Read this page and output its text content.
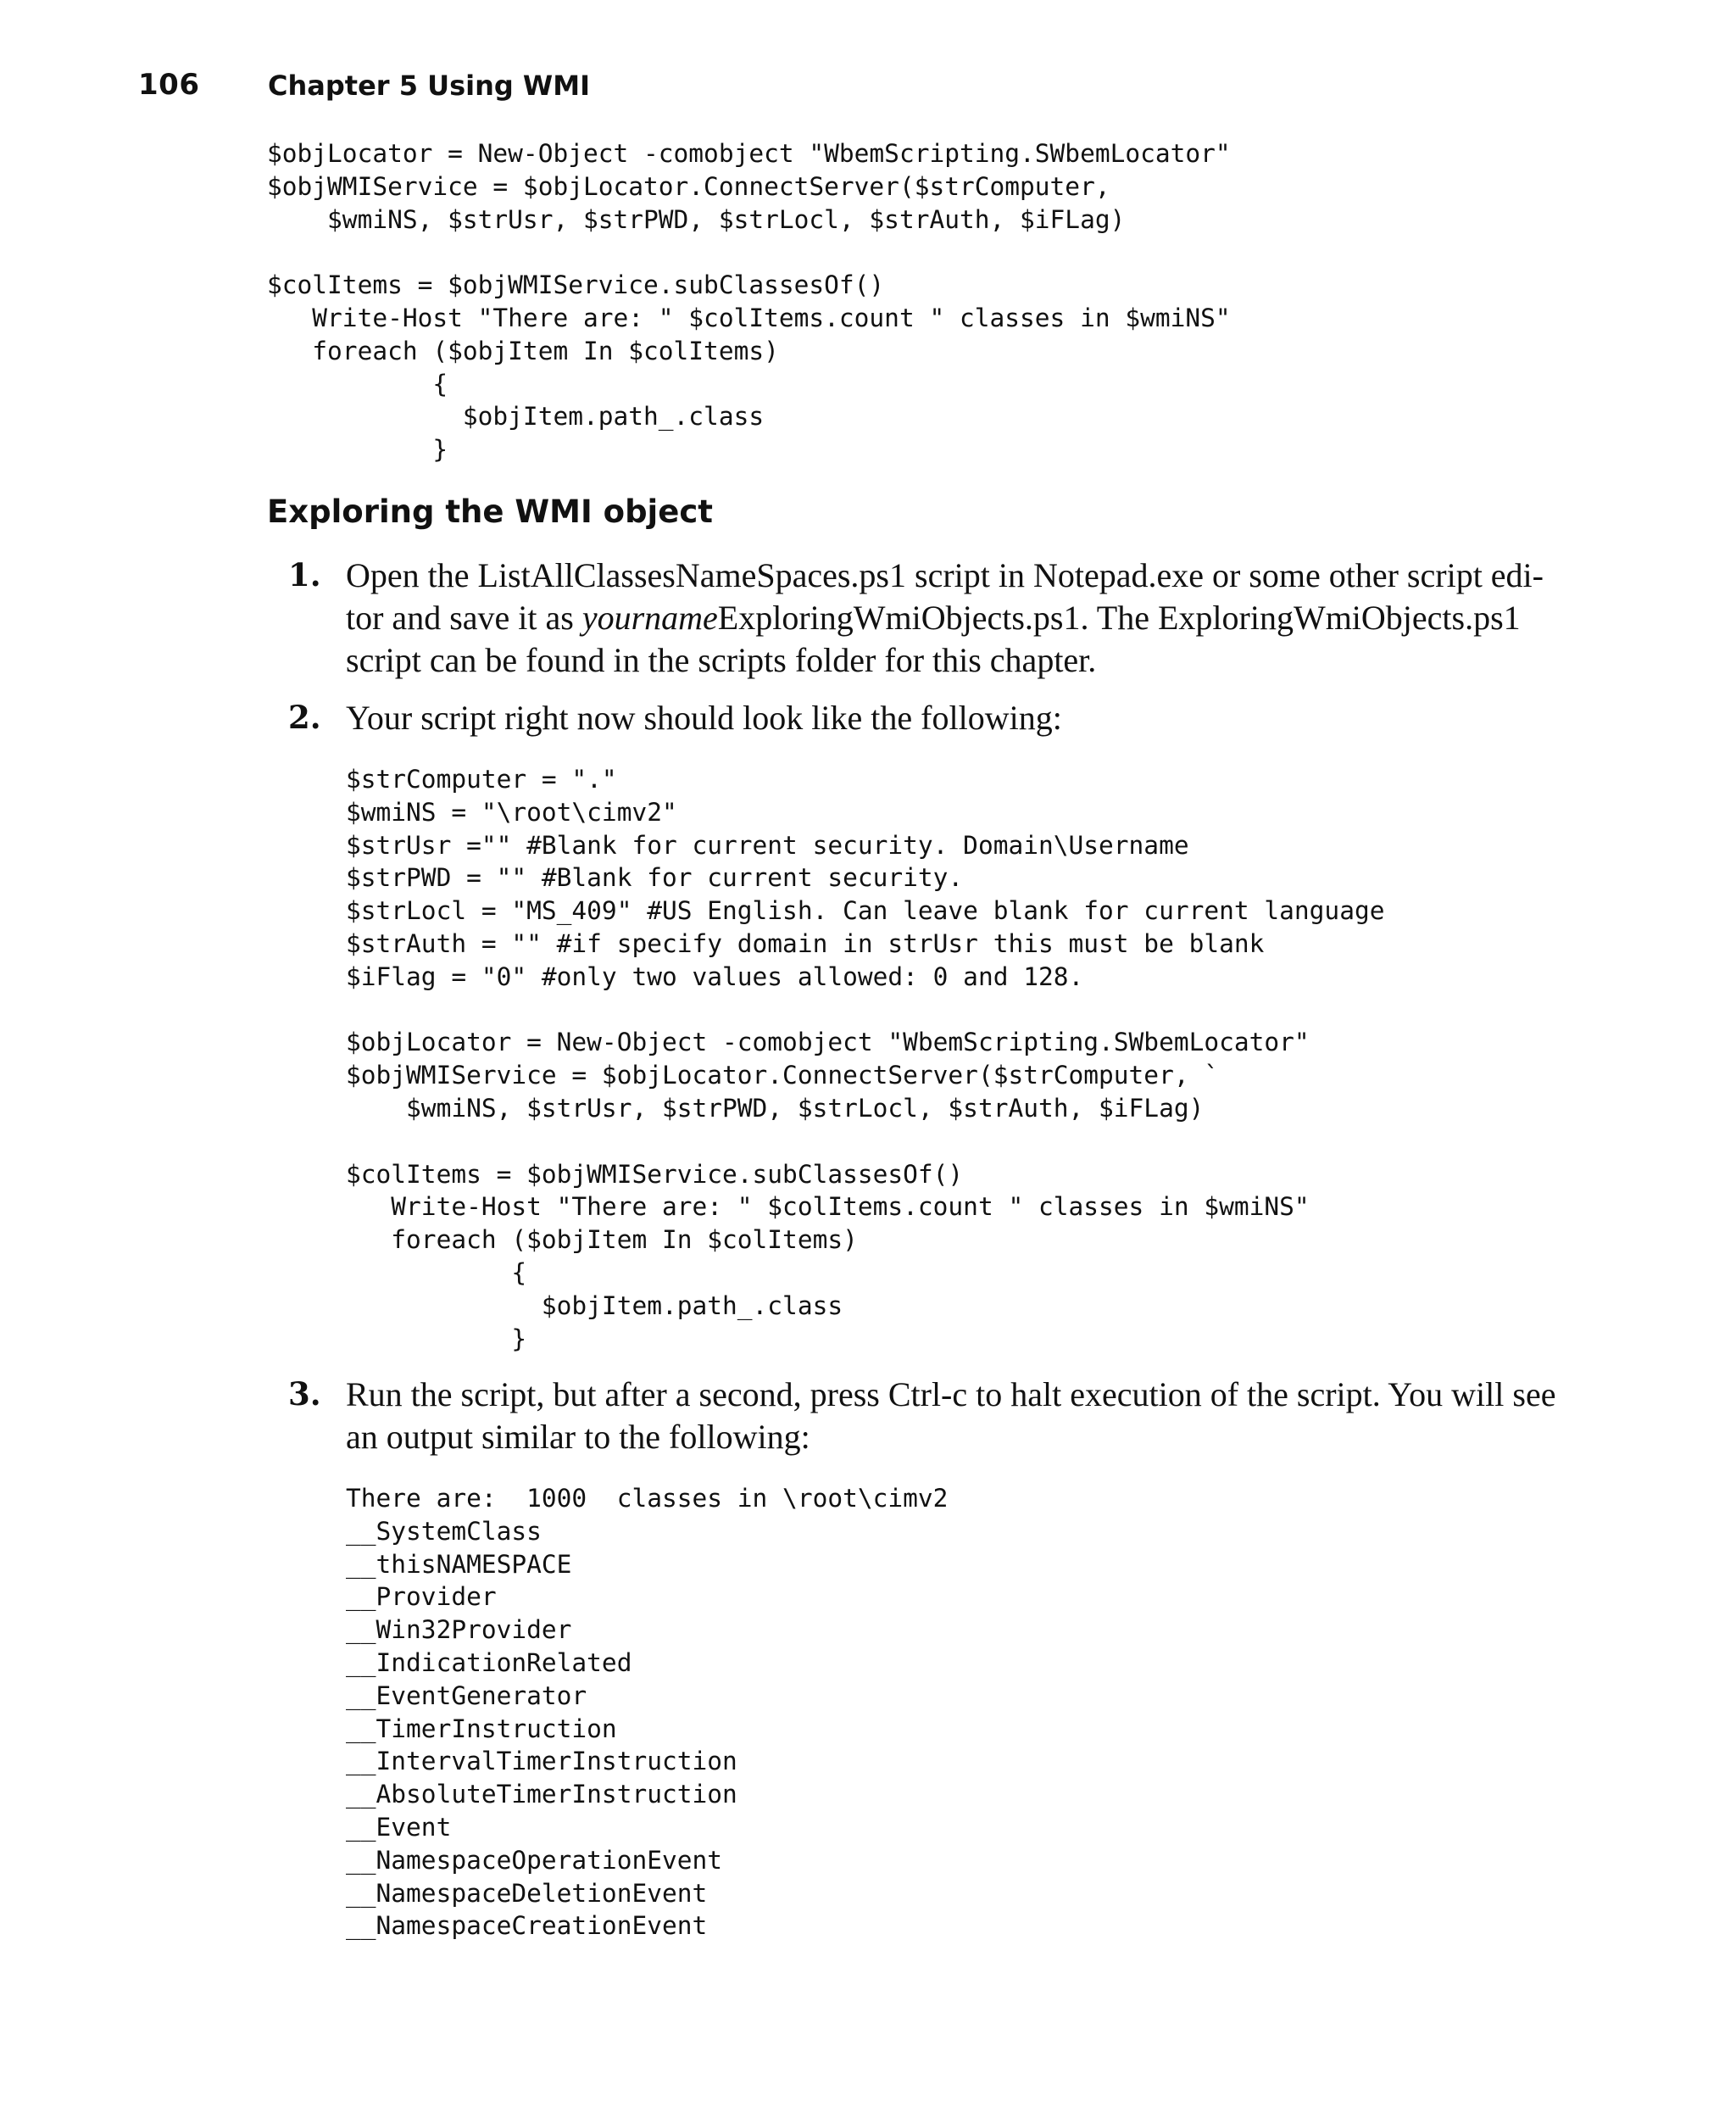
106	Chapter 5 Using WMI
$objLocator = New-Object -comobject "WbemScripting.SWbemLocator"
$objWMIService = $objLocator.ConnectServer($strComputer,
$wmiNS, $strUsr, $strPWD, $strLocl, $strAuth, $iFLag)

$colItems = $objWMIService.subClassesOf()
Write-Host "There are: " $colItems.count " classes in $wmiNS"
foreach ($objItem In $colItems)
{
$objItem.path_.class
}
Exploring the WMI object
1. Open the ListAllClassesNameSpaces.ps1 script in Notepad.exe or some other script edi-
tor and save it as yournameExploringWmiObjects.ps1. The ExploringWmiObjects.ps1
script can be found in the scripts folder for this chapter.

2. Your script right now should look like the following:

$strComputer = "."
$wmiNS = "\root\cimv2"
$strUsr ="" #Blank for current security. Domain\Username
$strPWD = "" #Blank for current security.
$strLocl = "MS_409" #US English. Can leave blank for current language
$strAuth = "" #if specify domain in strUsr this must be blank
$iFlag = "0" #only two values allowed: 0 and 128.

$objLocator = New-Object -comobject "WbemScripting.SWbemLocator"
$objWMIService = $objLocator.ConnectServer($strComputer, `
$wmiNS, $strUsr, $strPWD, $strLocl, $strAuth, $iFLag)

$colItems = $objWMIService.subClassesOf()
Write-Host "There are: " $colItems.count " classes in $wmiNS"
foreach ($objItem In $colItems)
{
$objItem.path_.class
}
3. Run the script, but after a second, press Ctrl-c to halt execution of the script. You will see
an output similar to the following:

There are:  1000  classes in \root\cimv2
__SystemClass
__thisNAMESPACE
__Provider
__Win32Provider
__IndicationRelated
__EventGenerator
__TimerInstruction
__IntervalTimerInstruction
__AbsoluteTimerInstruction
__Event
__NamespaceOperationEvent
__NamespaceDeletionEvent
__NamespaceCreationEvent
